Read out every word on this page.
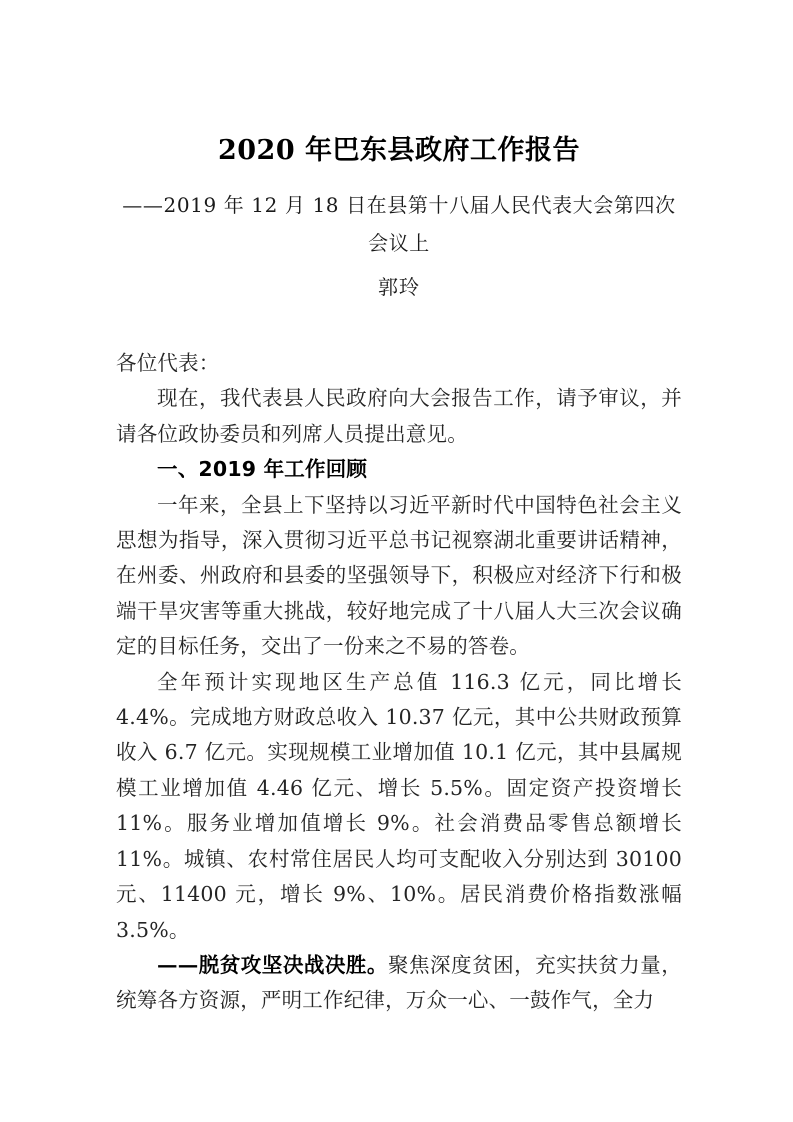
2020 年巴东县政府工作报告
——2019 年 12 月 18 日在县第十八届人民代表大会第四次会议上
郭玲

各位代表：

现在，我代表县人民政府向大会报告工作，请予审议，并请各位政协委员和列席人员提出意见。

一、2019 年工作回顾

一年来，全县上下坚持以习近平新时代中国特色社会主义思想为指导，深入贯彻习近平总书记视察湖北重要讲话精神，在州委、州政府和县委的坚强领导下，积极应对经济下行和极端干旱灾害等重大挑战，较好地完成了十八届人大三次会议确定的目标任务，交出了一份来之不易的答卷。

全年预计实现地区生产总值 116.3 亿元，同比增长 4.4%。完成地方财政总收入 10.37 亿元，其中公共财政预算收入 6.7 亿元。实现规模工业增加值 10.1 亿元，其中县属规模工业增加值 4.46 亿元、增长 5.5%。固定资产投资增长 11%。服务业增加值增长 9%。社会消费品零售总额增长 11%。城镇、农村常住居民人均可支配收入分别达到 30100 元、11400 元，增长 9%、10%。居民消费价格指数涨幅 3.5%。

——脱贫攻坚决战决胜。聚焦深度贫困，充实扶贫力量，统筹各方资源，严明工作纪律，万众一心、一鼓作气，全力
